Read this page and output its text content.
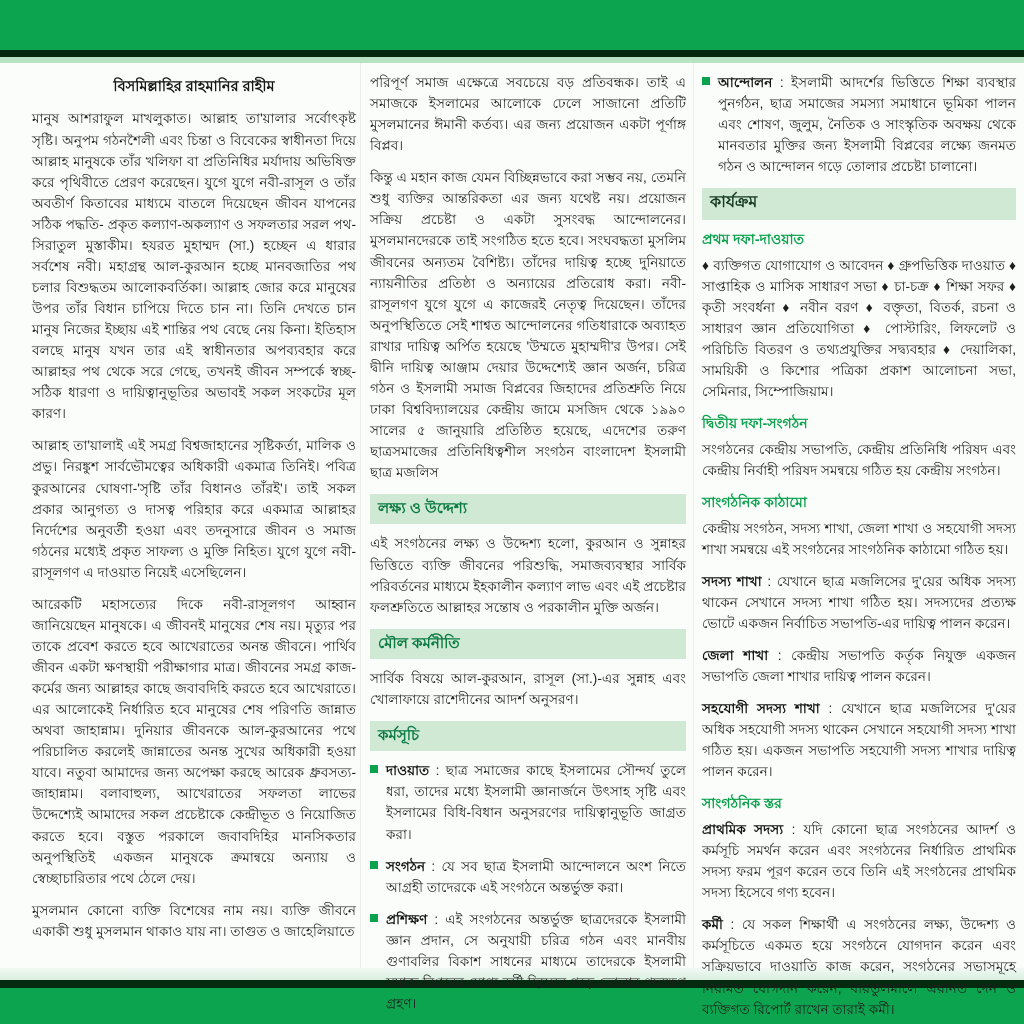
বিসমিল্লাহির রাহমানির রাহীম

মানুষ আশরাফুল মাখলুকাত। আল্লাহ তা'য়ালার সর্বোৎকৃষ্ট সৃষ্টি। অনুপম গঠনশৈলী এবং চিন্তা ও বিবেকের স্বাধীনতা দিয়ে আল্লাহ মানুষকে তাঁর খলিফা বা প্রতিনিধির মর্যাদায় অভিষিক্ত করে পৃথিবীতে প্রেরণ করেছেন। যুগে যুগে নবী-রাসূল ও তাঁর অবতীর্ণ কিতাবের মাধ্যমে বাতলে দিয়েছেন জীবন যাপনের সঠিক পদ্ধতি- প্রকৃত কল্যাণ-অকল্যাণ ও সফলতার সরল পথ-সিরাতুল মুস্তাকীম। হযরত মুহাম্মদ (সা.) হচ্ছেন এ ধারার সর্বশেষ নবী। মহাগ্রন্থ আল-কুরআন হচ্ছে মানবজাতির পথ চলার বিশুদ্ধতম আলোকবর্তিকা। আল্লাহ জোর করে মানুষের উপর তাঁর বিধান চাপিয়ে দিতে চান না। তিনি দেখতে চান মানুষ নিজের ইচ্ছায় এই শান্তির পথ বেছে নেয় কিনা। ইতিহাস বলছে মানুষ যখন তার এই স্বাধীনতার অপব্যবহার করে আল্লাহর পথ থেকে সরে গেছে, তখনই জীবন সম্পর্কে স্বচ্ছ-সঠিক ধারণা ও দায়িত্বানুভূতির অভাবই সকল সংকটের মূল কারণ।

আল্লাহ তা'য়ালাই এই সমগ্র বিশ্বজাহানের সৃষ্টিকর্তা, মালিক ও প্রভু। নিরঙ্কুশ সার্বভৌমত্বের অধিকারী একমাত্র তিনিই। পবিত্র কুরআনের ঘোষণা-'সৃষ্টি তাঁর বিধানও তাঁরই'। তাই সকল প্রকার আনুগত্য ও দাসত্ব পরিহার করে একমাত্র আল্লাহর নির্দেশের অনুবর্তী হওয়া এবং তদনুসারে জীবন ও সমাজ গঠনের মধ্যেই প্রকৃত সাফল্য ও মুক্তি নিহিত। যুগে যুগে নবী-রাসূলগণ এ দাওয়াত নিয়েই এসেছিলেন।

আরেকটি মহাসত্যের দিকে নবী-রাসূলগণ আহ্বান জানিয়েছেন মানুষকে। এ জীবনই মানুষের শেষ নয়। মৃত্যুর পর তাকে প্রবেশ করতে হবে আখেরাতের অনন্ত জীবনে। পার্থিব জীবন একটা ক্ষণস্থায়ী পরীক্ষাগার মাত্র। জীবনের সমগ্র কাজ-কর্মের জন্য আল্লাহর কাছে জবাবদিহি করতে হবে আখেরাতে। এর আলোকেই নির্ধারিত হবে মানুষের শেষ পরিণতি জান্নাত অথবা জাহান্নাম। দুনিয়ার জীবনকে আল-কুরআনের পথে পরিচালিত করলেই জান্নাতের অনন্ত সুখের অধিকারী হওয়া যাবে। নতুবা আমাদের জন্য অপেক্ষা করছে আরেক ধ্রুবসত্য-জাহান্নাম। বলাবাহুল্য, আখেরাতের সফলতা লাভের উদ্দেশ্যেই আমাদের সকল প্রচেষ্টাকে কেন্দ্রীভূত ও নিয়োজিত করতে হবে। বস্তুত পরকালে জবাবদিহির মানসিকতার অনুপস্থিতিই একজন মানুষকে ক্রমান্বয়ে অন্যায় ও স্বেচ্ছাচারিতার পথে ঠেলে দেয়।

মুসলমান কোনো ব্যক্তি বিশেষের নাম নয়। ব্যক্তি জীবনে একাকী শুধু মুসলমান থাকাও যায় না। তাগুত ও জাহেলিয়াতে

পরিপূর্ণ সমাজ এক্ষেত্রে সবচেয়ে বড় প্রতিবন্ধক। তাই এ সমাজকে ইসলামের আলোকে ঢেলে সাজানো প্রতিটি মুসলমানের ঈমানী কর্তব্য। এর জন্য প্রয়োজন একটা পূর্ণাঙ্গ বিপ্লব।

কিন্তু এ মহান কাজ যেমন বিচ্ছিন্নভাবে করা সম্ভব নয়, তেমনি শুধু ব্যক্তির আন্তরিকতা এর জন্য যথেষ্ট নয়। প্রয়োজন সক্রিয় প্রচেষ্টা ও একটা সুসংবদ্ধ আন্দোলনের। মুসলমানদেরকে তাই সংগঠিত হতে হবে। সংঘবদ্ধতা মুসলিম জীবনের অন্যতম বৈশিষ্ট্য। তাঁদের দায়িত্ব হচ্ছে দুনিয়াতে ন্যায়নীতির প্রতিষ্ঠা ও অন্যায়ের প্রতিরোধ করা। নবী-রাসূলগণ যুগে যুগে এ কাজেরই নেতৃত্ব দিয়েছেন। তাঁদের অনুপস্থিতিতে সেই শাশ্বত আন্দোলনের গতিধারাকে অব্যাহত রাখার দায়িত্ব অর্পিত হয়েছে 'উম্মতে মুহাম্মদী'র উপর। সেই দ্বীনি দায়িত্ব আঞ্জাম দেয়ার উদ্দেশ্যেই জ্ঞান অর্জন, চরিত্র গঠন ও ইসলামী সমাজ বিপ্লবের জিহাদের প্রতিশ্রুতি নিয়ে ঢাকা বিশ্ববিদ্যালয়ের কেন্দ্রীয় জামে মসজিদ থেকে ১৯৯০ সালের ৫ জানুয়ারি প্রতিষ্ঠিত হয়েছে, এদেশের তরুণ ছাত্রসমাজের প্রতিনিধিত্বশীল সংগঠন বাংলাদেশ ইসলামী ছাত্র মজলিস

লক্ষ্য ও উদ্দেশ্য

এই সংগঠনের লক্ষ্য ও উদ্দেশ্য হলো, কুরআন ও সুন্নাহর ভিত্তিতে ব্যক্তি জীবনের পরিশুদ্ধি, সমাজব্যবস্থার সার্বিক পরিবর্তনের মাধ্যমে ইহকালীন কল্যাণ লাভ এবং এই প্রচেষ্টার ফলশ্রুতিতে আল্লাহর সন্তোষ ও পরকালীন মুক্তি অর্জন।

মৌল কর্মনীতি

সার্বিক বিষয়ে আল-কুরআন, রাসূল (সা.)-এর সুন্নাহ এবং খোলাফায়ে রাশেদীনের আদর্শ অনুসরণ।

কর্মসূচি
দাওয়াত : ছাত্র সমাজের কাছে ইসলামের সৌন্দর্য তুলে ধরা, তাদের মধ্যে ইসলামী জ্ঞানার্জনে উৎসাহ সৃষ্টি এবং ইসলামের বিধি-বিধান অনুসরণের দায়িত্বানুভূতি জাগ্রত করা।
সংগঠন : যে সব ছাত্র ইসলামী আন্দোলনে অংশ নিতে আগ্রহী তাদেরকে এই সংগঠনে অন্তর্ভুক্ত করা।
প্রশিক্ষণ : এই সংগঠনের অন্তর্ভুক্ত ছাত্রদেরকে ইসলামী জ্ঞান প্রদান, সে অনুযায়ী চরিত্র গঠন এবং মানবীয় গুণাবলির বিকাশ সাধনের মাধ্যমে তাদেরকে ইসলামী সমাজ বিপ্লবের যোগ্য কর্মী হিসেবে গড়ে তোলার পদক্ষেপ গ্রহণ।
আন্দোলন : ইসলামী আদর্শের ভিত্তিতে শিক্ষা ব্যবস্থার পুনর্গঠন, ছাত্র সমাজের সমস্যা সমাধানে ভূমিকা পালন এবং শোষণ, জুলুম, নৈতিক ও সাংস্কৃতিক অবক্ষয় থেকে মানবতার মুক্তির জন্য ইসলামী বিপ্লবের লক্ষ্যে জনমত গঠন ও আন্দোলন গড়ে তোলার প্রচেষ্টা চালানো।
কার্যক্রম
প্রথম দফা-দাওয়াত

♦ ব্যক্তিগত যোগাযোগ ও আবেদন ♦ গ্রুপভিত্তিক দাওয়াত ♦ সাপ্তাহিক ও মাসিক সাধারণ সভা ♦ চা-চক্র ♦ শিক্ষা সফর ♦ কৃতী সংবর্ধনা ♦ নবীন বরণ ♦ বক্তৃতা, বিতর্ক, রচনা ও সাধারণ জ্ঞান প্রতিযোগিতা ♦ পোস্টারিং, লিফলেট ও পরিচিতি বিতরণ ও তথ্যপ্রযুক্তির সদ্ব্যবহার ♦ দেয়ালিকা, সাময়িকী ও কিশোর পত্রিকা প্রকাশ আলোচনা সভা, সেমিনার, সিম্পোজিয়াম।

দ্বিতীয় দফা-সংগঠন

সংগঠনের কেন্দ্রীয় সভাপতি, কেন্দ্রীয় প্রতিনিধি পরিষদ এবং কেন্দ্রীয় নির্বাহী পরিষদ সমন্বয়ে গঠিত হয় কেন্দ্রীয় সংগঠন।

সাংগঠনিক কাঠামো

কেন্দ্রীয় সংগঠন, সদস্য শাখা, জেলা শাখা ও সহযোগী সদস্য শাখা সমন্বয়ে এই সংগঠনের সাংগঠনিক কাঠামো গঠিত হয়।

সদস্য শাখা : যেখানে ছাত্র মজলিসের দু'য়ের অধিক সদস্য থাকেন সেখানে সদস্য শাখা গঠিত হয়। সদস্যদের প্রত্যক্ষ ভোটে একজন নির্বাচিত সভাপতি-এর দায়িত্ব পালন করেন।

জেলা শাখা : কেন্দ্রীয় সভাপতি কর্তৃক নিযুক্ত একজন সভাপতি জেলা শাখার দায়িত্ব পালন করেন।

সহযোগী সদস্য শাখা : যেখানে ছাত্র মজলিসের দু'য়ের অধিক সহযোগী সদস্য থাকেন সেখানে সহযোগী সদস্য শাখা গঠিত হয়। একজন সভাপতি সহযোগী সদস্য শাখার দায়িত্ব পালন করেন।

সাংগঠনিক স্তর

প্রাথমিক সদস্য : যদি কোনো ছাত্র সংগঠনের আদর্শ ও কর্মসূচি সমর্থন করেন এবং সংগঠনের নির্ধারিত প্রাথমিক সদস্য ফরম পূরণ করেন তবে তিনি এই সংগঠনের প্রাথমিক সদস্য হিসেবে গণ্য হবেন।

কর্মী : যে সকল শিক্ষার্থী এ সংগঠনের লক্ষ্য, উদ্দেশ্য ও কর্মসূচিতে একমত হয়ে সংগঠনে যোগদান করেন এবং সক্রিয়ভাবে দাওয়াতি কাজ করেন, সংগঠনের সভাসমূহে নিয়মিত যোগদান করেন, বায়তুলমালে এয়ানত দেন ও ব্যক্তিগত রিপোর্ট রাখেন তারাই কর্মী।
